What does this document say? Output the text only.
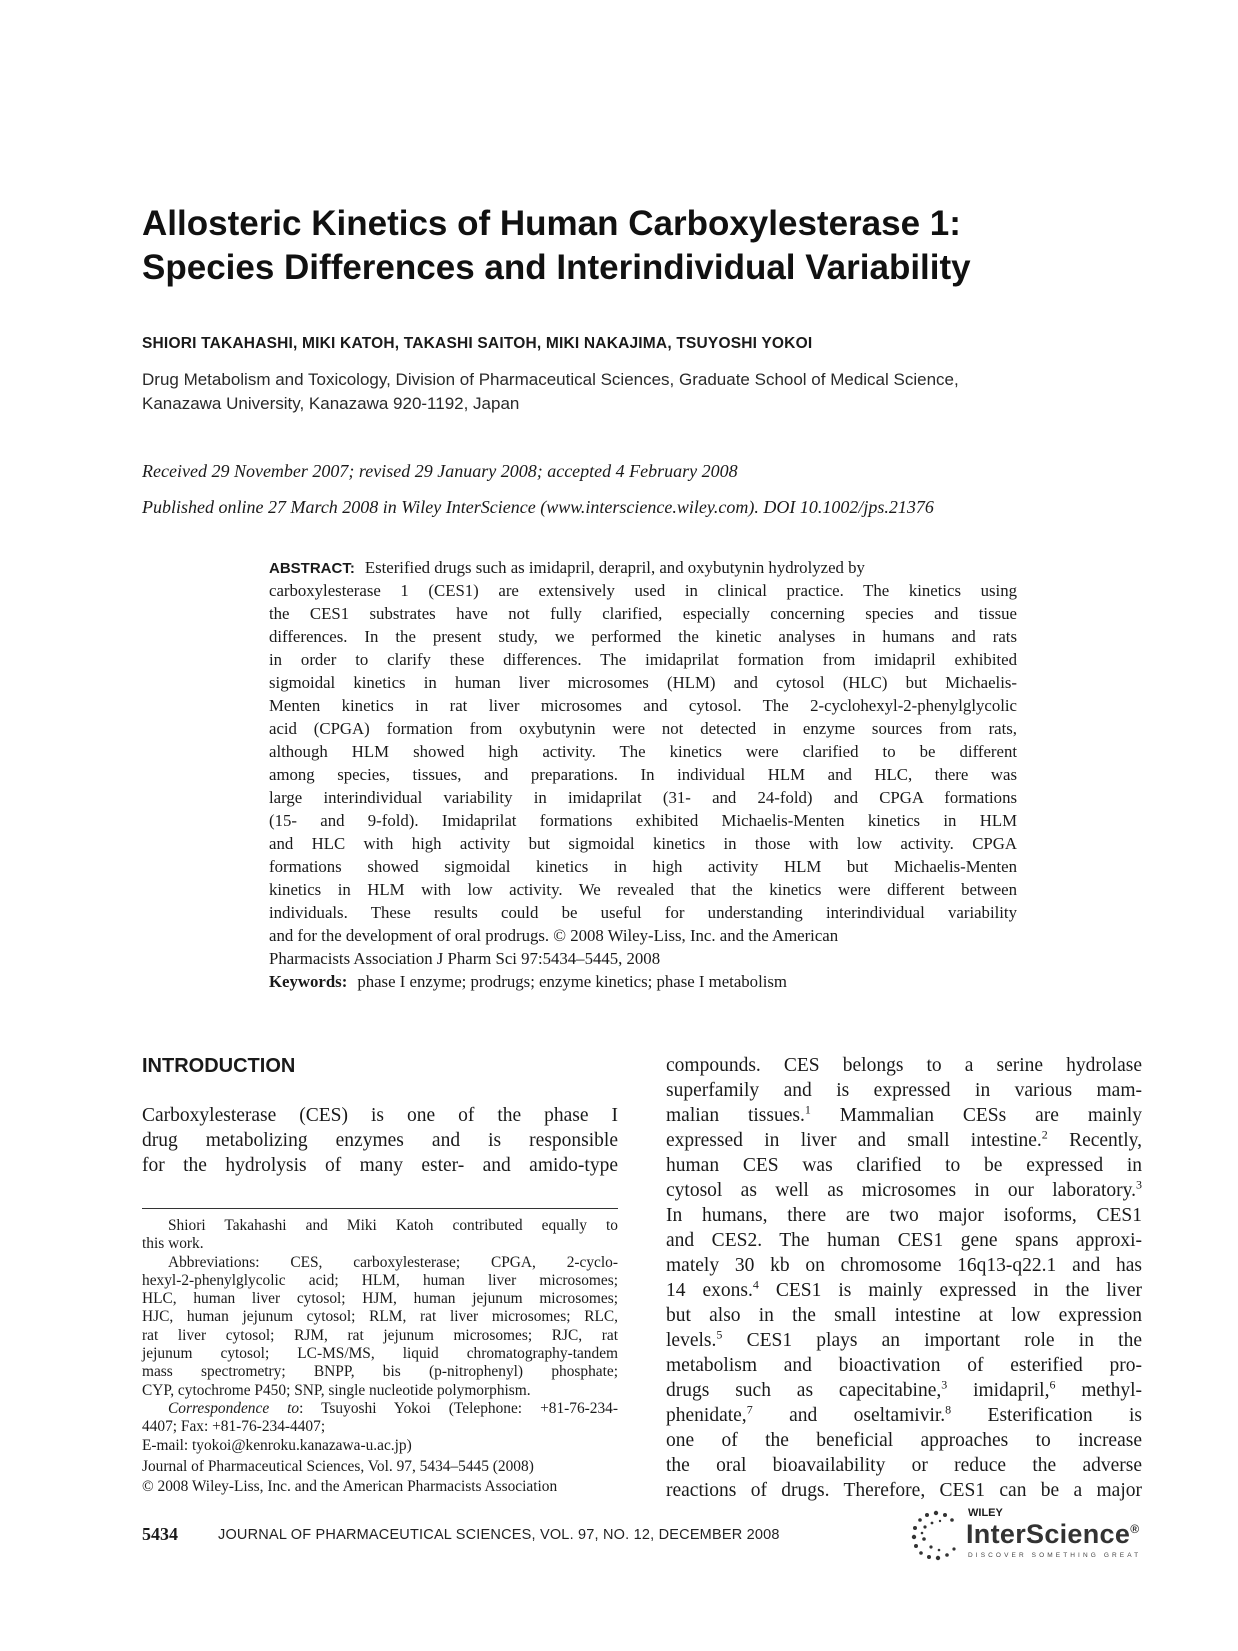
Allosteric Kinetics of Human Carboxylesterase 1:
Species Differences and Interindividual Variability
SHIORI TAKAHASHI, MIKI KATOH, TAKASHI SAITOH, MIKI NAKAJIMA, TSUYOSHI YOKOI
Drug Metabolism and Toxicology, Division of Pharmaceutical Sciences, Graduate School of Medical Science,
Kanazawa University, Kanazawa 920-1192, Japan
Received 29 November 2007; revised 29 January 2008; accepted 4 February 2008
Published online 27 March 2008 in Wiley InterScience (www.interscience.wiley.com). DOI 10.1002/jps.21376
ABSTRACT: Esterified drugs such as imidapril, derapril, and oxybutynin hydrolyzed by
carboxylesterase 1 (CES1) are extensively used in clinical practice. The kinetics using
the CES1 substrates have not fully clarified, especially concerning species and tissue
differences. In the present study, we performed the kinetic analyses in humans and rats
in order to clarify these differences. The imidaprilat formation from imidapril exhibited
sigmoidal kinetics in human liver microsomes (HLM) and cytosol (HLC) but Michaelis-
Menten kinetics in rat liver microsomes and cytosol. The 2-cyclohexyl-2-phenylglycolic
acid (CPGA) formation from oxybutynin were not detected in enzyme sources from rats,
although HLM showed high activity. The kinetics were clarified to be different
among species, tissues, and preparations. In individual HLM and HLC, there was
large interindividual variability in imidaprilat (31- and 24-fold) and CPGA formations
(15- and 9-fold). Imidaprilat formations exhibited Michaelis-Menten kinetics in HLM
and HLC with high activity but sigmoidal kinetics in those with low activity. CPGA
formations showed sigmoidal kinetics in high activity HLM but Michaelis-Menten
kinetics in HLM with low activity. We revealed that the kinetics were different between
individuals. These results could be useful for understanding interindividual variability
and for the development of oral prodrugs. © 2008 Wiley-Liss, Inc. and the American
Pharmacists Association J Pharm Sci 97:5434–5445, 2008
Keywords: phase I enzyme; prodrugs; enzyme kinetics; phase I metabolism
INTRODUCTION
Carboxylesterase (CES) is one of the phase I
drug metabolizing enzymes and is responsible
for the hydrolysis of many ester- and amido-type
Shiori Takahashi and Miki Katoh contributed equally to
this work.
Abbreviations: CES, carboxylesterase; CPGA, 2-cyclo-
hexyl-2-phenylglycolic acid; HLM, human liver microsomes;
HLC, human liver cytosol; HJM, human jejunum microsomes;
HJC, human jejunum cytosol; RLM, rat liver microsomes; RLC,
rat liver cytosol; RJM, rat jejunum microsomes; RJC, rat
jejunum cytosol; LC-MS/MS, liquid chromatography-tandem
mass spectrometry; BNPP, bis (p-nitrophenyl) phosphate;
CYP, cytochrome P450; SNP, single nucleotide polymorphism.
Correspondence to: Tsuyoshi Yokoi (Telephone: +81-76-234-
4407; Fax: +81-76-234-4407;
E-mail: tyokoi@kenroku.kanazawa-u.ac.jp)
Journal of Pharmaceutical Sciences, Vol. 97, 5434–5445 (2008)
© 2008 Wiley-Liss, Inc. and the American Pharmacists Association
compounds. CES belongs to a serine hydrolase
superfamily and is expressed in various mam-
malian tissues.$^1$ Mammalian CESs are mainly
expressed in liver and small intestine.$^2$ Recently,
human CES was clarified to be expressed in
cytosol as well as microsomes in our laboratory.$^3$
In humans, there are two major isoforms, CES1
and CES2. The human CES1 gene spans approxi-
mately 30 kb on chromosome 16q13-q22.1 and has
14 exons.$^4$ CES1 is mainly expressed in the liver
but also in the small intestine at low expression
levels.$^5$ CES1 plays an important role in the
metabolism and bioactivation of esterified pro-
drugs such as capecitabine,$^3$ imidapril,$^6$ methyl-
phenidate,$^7$ and oseltamivir.$^8$ Esterification is
one of the beneficial approaches to increase
the oral bioavailability or reduce the adverse
reactions of drugs. Therefore, CES1 can be a major
5434	JOURNAL OF PHARMACEUTICAL SCIENCES, VOL. 97, NO. 12, DECEMBER 2008
WILEY
InterScience®
DISCOVER SOMETHING GREAT
